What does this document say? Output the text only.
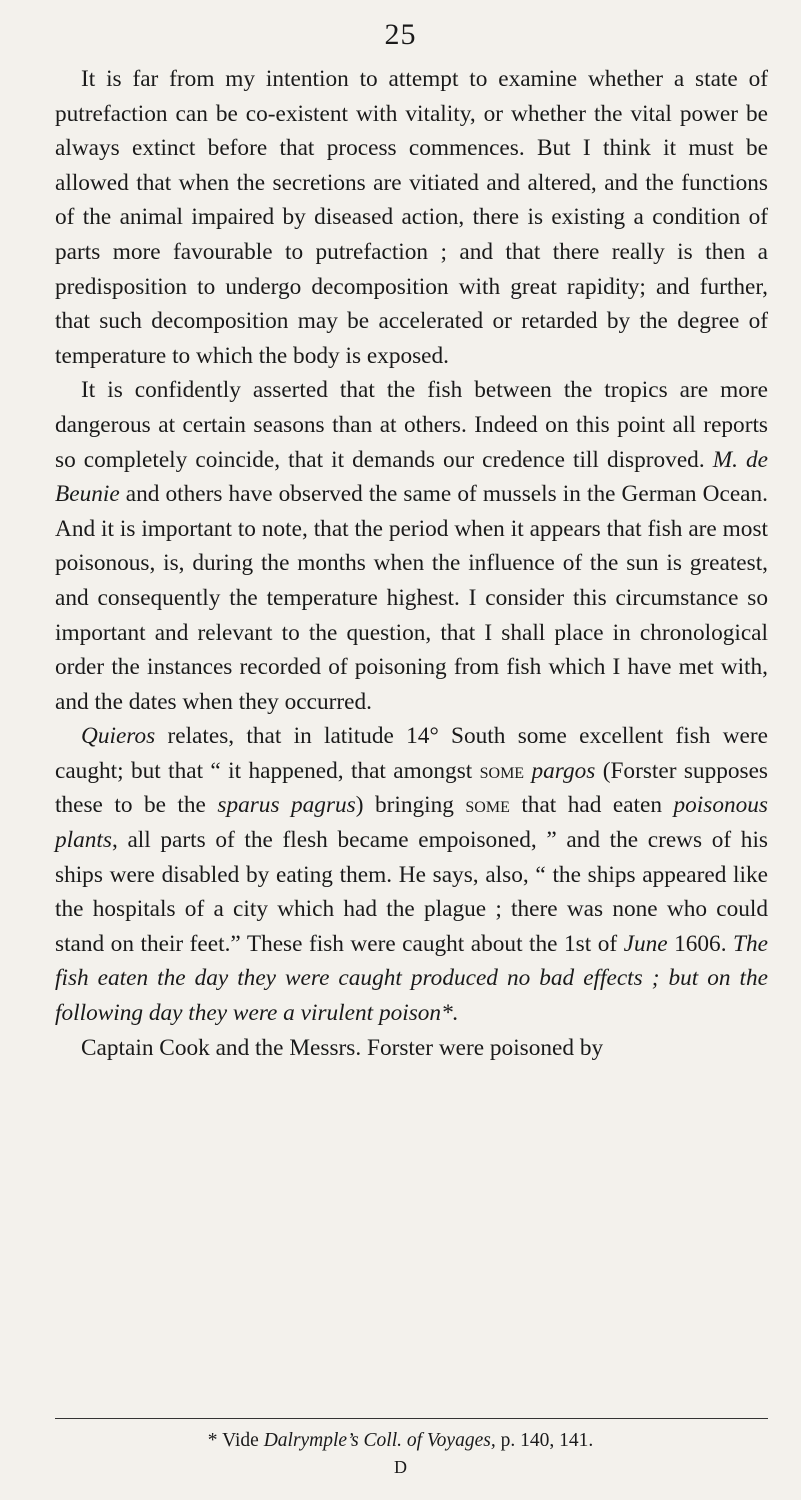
25

It is far from my intention to attempt to examine whether a state of putrefaction can be co-existent with vitality, or whether the vital power be always extinct before that process commences. But I think it must be allowed that when the secretions are vitiated and altered, and the functions of the animal impaired by diseased action, there is existing a condition of parts more favourable to putrefaction ; and that there really is then a predisposition to undergo decomposition with great rapidity; and further, that such decomposition may be accelerated or retarded by the degree of temperature to which the body is exposed.

It is confidently asserted that the fish between the tropics are more dangerous at certain seasons than at others. Indeed on this point all reports so completely coincide, that it demands our credence till disproved. M. de Beunie and others have observed the same of mussels in the German Ocean. And it is important to note, that the period when it appears that fish are most poisonous, is, during the months when the influence of the sun is greatest, and consequently the temperature highest. I consider this circumstance so important and relevant to the question, that I shall place in chronological order the instances recorded of poisoning from fish which I have met with, and the dates when they occurred.

Quieros relates, that in latitude 14° South some excellent fish were caught; but that “ it happened, that amongst some pargos (Forster supposes these to be the sparus pagrus) bringing some that had eaten poisonous plants, all parts of the flesh became empoisoned, ” and the crews of his ships were disabled by eating them. He says, also, “ the ships appeared like the hospitals of a city which had the plague ; there was none who could stand on their feet.” These fish were caught about the 1st of June 1606. The fish eaten the day they were caught produced no bad effects ; but on the following day they were a virulent poison*.

Captain Cook and the Messrs. Forster were poisoned by

* Vide Dalrymple’s Coll. of Voyages, p. 140, 141.
D
